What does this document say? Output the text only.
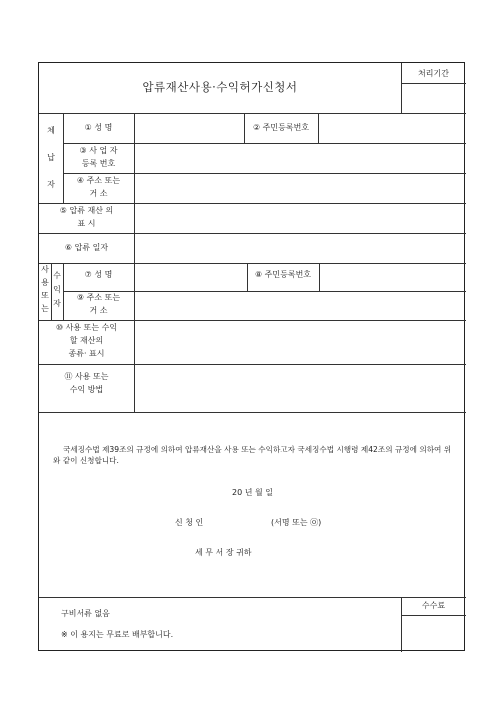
압류재산사용·수익허가신청서
처리기간
체
납
자
① 성 명	② 주민등록번호
③ 사 업 자
등록 번호
④ 주소 또는
거 소
⑤ 압류 재산 의
표 시
⑥ 압류 일자
사
용
또
는
수
익
자
⑦ 성 명	⑧ 주민등록번호
⑨ 주소 또는
거 소
⑩ 사용 또는 수익
할 재산의
종류· 표시
⑪ 사용 또는
수익 방법
국세징수법 제39조의 규정에 의하여 압류재산을 사용 또는 수익하고자 국세징수법 시행령 제42조의 규정에 의하여 위와 같이 신청합니다.
20 년 월 일
신 청 인	(서명 또는 ㉧)
세 무 서 장 귀하
수수료
구비서류 없음
※ 이 용지는 무료로 배부합니다.
